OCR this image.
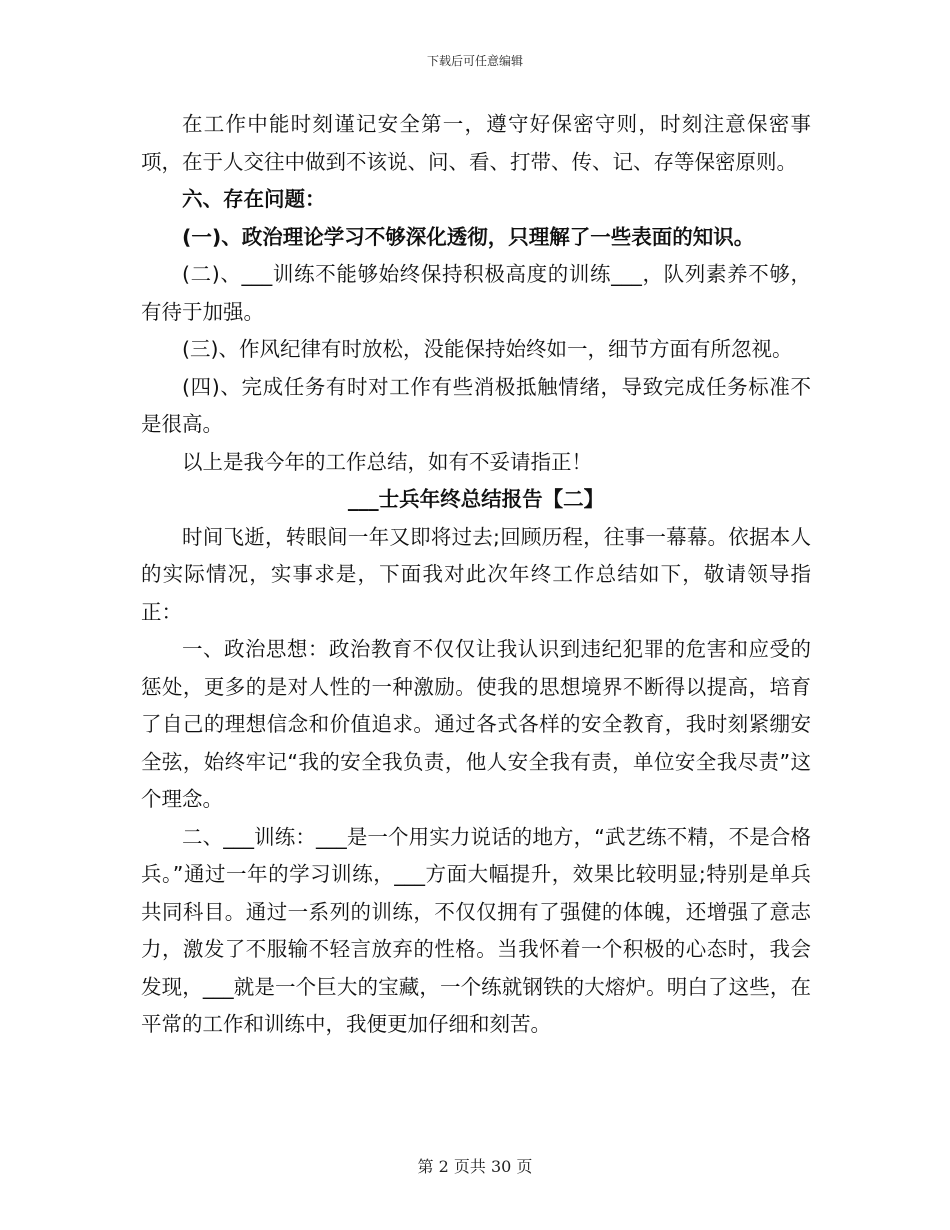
下载后可任意编辑

在工作中能时刻谨记安全第一，遵守好保密守则，时刻注意保密事项，在于人交往中做到不该说、问、看、打带、传、记、存等保密原则。

六、存在问题：

(一)、政治理论学习不够深化透彻，只理解了一些表面的知识。

(二)、___训练不能够始终保持积极高度的训练___，队列素养不够，有待于加强。

(三)、作风纪律有时放松，没能保持始终如一，细节方面有所忽视。

(四)、完成任务有时对工作有些消极抵触情绪，导致完成任务标准不是很高。

以上是我今年的工作总结，如有不妥请指正！

___士兵年终总结报告【二】

时间飞逝，转眼间一年又即将过去;回顾历程，往事一幕幕。依据本人的实际情况，实事求是，下面我对此次年终工作总结如下，敬请领导指正：

一、政治思想：政治教育不仅仅让我认识到违纪犯罪的危害和应受的惩处，更多的是对人性的一种激励。使我的思想境界不断得以提高，培育了自己的理想信念和价值追求。通过各式各样的安全教育，我时刻紧绷安全弦，始终牢记“我的安全我负责，他人安全我有责，单位安全我尽责”这个理念。

二、___训练：___是一个用实力说话的地方，“武艺练不精，不是合格兵。”通过一年的学习训练，___方面大幅提升，效果比较明显;特别是单兵共同科目。通过一系列的训练，不仅仅拥有了强健的体魄，还增强了意志力，激发了不服输不轻言放弃的性格。当我怀着一个积极的心态时，我会发现，___就是一个巨大的宝藏，一个练就钢铁的大熔炉。明白了这些，在平常的工作和训练中，我便更加仔细和刻苦。

第 2 页共 30 页
